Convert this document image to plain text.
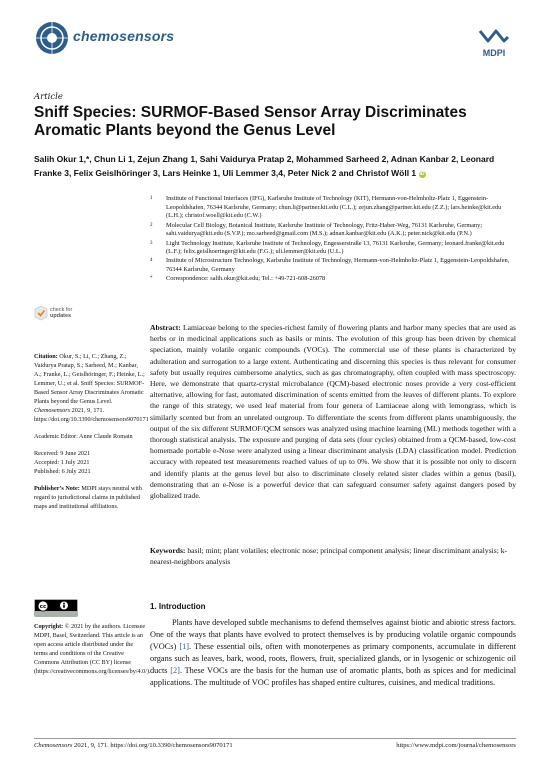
chemosensors
MDPI
Article
Sniff Species: SURMOF-Based Sensor Array Discriminates Aromatic Plants beyond the Genus Level
Salih Okur 1,*, Chun Li 1, Zejun Zhang 1, Sahi Vaidurya Pratap 2, Mohammed Sarheed 2, Adnan Kanbar 2, Leonard Franke 3, Felix Geislhöringer 3, Lars Heinke 1, Uli Lemmer 3,4, Peter Nick 2 and Christof Wöll 1 iD
1	Institute of Functional Interfaces (IFG), Karlsruhe Institute of Technology (KIT), Hermann-von-Helmholtz-Platz 1, Eggenstein-Leopoldshafen, 76344 Karlsruhe, Germany; chun.li@partner.kit.edu (C.L.); zejun.zhang@partner.kit.edu (Z.Z.); lars.heinke@kit.edu (L.H.); christof.woell@kit.edu (C.W.)
2	Molecular Cell Biology, Botanical Institute, Karlsruhe Institute of Technology, Fritz-Haber-Weg, 76131 Karlsruhe, Germany; sahi.vaidurya@kit.edu (S.V.P.); mo.sarheed@gmail.com (M.S.); adnan.kanbar@kit.edu (A.K.); peter.nick@kit.edu (P.N.)
3	Light Technology Institute, Karlsruhe Institute of Technology, Engesserstraße 13, 76131 Karlsruhe, Germany; leonard.franke@kit.edu (L.F.); felix.geislhoeringer@kit.edu (F.G.); uli.lemmer@kit.edu (U.L.)
4	Institute of Microstructure Technology, Karlsruhe Institute of Technology, Hermann-von-Helmholtz-Platz 1, Eggenstein-Leopoldshafen, 76344 Karlsruhe, Germany
*	Correspondence: salih.okur@kit.edu; Tel.: +49-721-608-26078
check for
updates
Citation: Okur, S.; Li, C.; Zhang, Z.; Vaidurya Pratap, S.; Sarheed, M.; Kanbar, A.; Franke, L.; Geislhöringer, F.; Heinke, L.; Lemmer, U.; et al. Sniff Species: SURMOF-Based Sensor Array Discriminates Aromatic Plants beyond the Genus Level. Chemosensors 2021, 9, 171. https://doi.org/10.3390/chemosensors9070171
Academic Editor: Anne Claude Romain
Received: 9 June 2021
Accepted: 1 July 2021
Published: 6 July 2021
Publisher’s Note: MDPI stays neutral with regard to jurisdictional claims in published maps and institutional affiliations.
cc
Copyright: © 2021 by the authors. Licensee MDPI, Basel, Switzerland. This article is an open access article distributed under the terms and conditions of the Creative Commons Attribution (CC BY) license (https://creativecommons.org/licenses/by/4.0/).
Abstract: Lamiaceae belong to the species-richest family of flowering plants and harbor many species that are used as herbs or in medicinal applications such as basils or mints. The evolution of this group has been driven by chemical speciation, mainly volatile organic compounds (VOCs). The commercial use of these plants is characterized by adulteration and surrogation to a large extent. Authenticating and discerning this species is thus relevant for consumer safety but usually requires cumbersome analytics, such as gas chromatography, often coupled with mass spectroscopy. Here, we demonstrate that quartz-crystal microbalance (QCM)-based electronic noses provide a very cost-efficient alternative, allowing for fast, automated discrimination of scents emitted from the leaves of different plants. To explore the range of this strategy, we used leaf material from four genera of Lamiaceae along with lemongrass, which is similarly scented but from an unrelated outgroup. To differentiate the scents from different plants unambiguously, the output of the six different SURMOF/QCM sensors was analyzed using machine learning (ML) methods together with a thorough statistical analysis. The exposure and purging of data sets (four cycles) obtained from a QCM-based, low-cost homemade portable e-Nose were analyzed using a linear discriminant analysis (LDA) classification model. Prediction accuracy with repeated test measurements reached values of up to 0%. We show that it is possible not only to discern and identify plants at the genus level but also to discriminate closely related sister clades within a genus (basil), demonstrating that an e-Nose is a powerful device that can safeguard consumer safety against dangers posed by globalized trade.
Keywords: basil; mint; plant volatiles; electronic nose; principal component analysis; linear discriminant analysis; k-nearest-neighbors analysis
1. Introduction
Plants have developed subtle mechanisms to defend themselves against biotic and abiotic stress factors. One of the ways that plants have evolved to protect themselves is by producing volatile organic compounds (VOCs) [1]. These essential oils, often with monoterpenes as primary components, accumulate in different organs such as leaves, bark, wood, roots, flowers, fruit, specialized glands, or in lysogenic or schizogenic oil ducts [2]. These VOCs are the basis for the human use of aromatic plants, both as spices and for medicinal applications. The multitude of VOC profiles has shaped entire cultures, cuisines, and medical traditions.
Chemosensors 2021, 9, 171. https://doi.org/10.3390/chemosensors9070171	https://www.mdpi.com/journal/chemosensors
